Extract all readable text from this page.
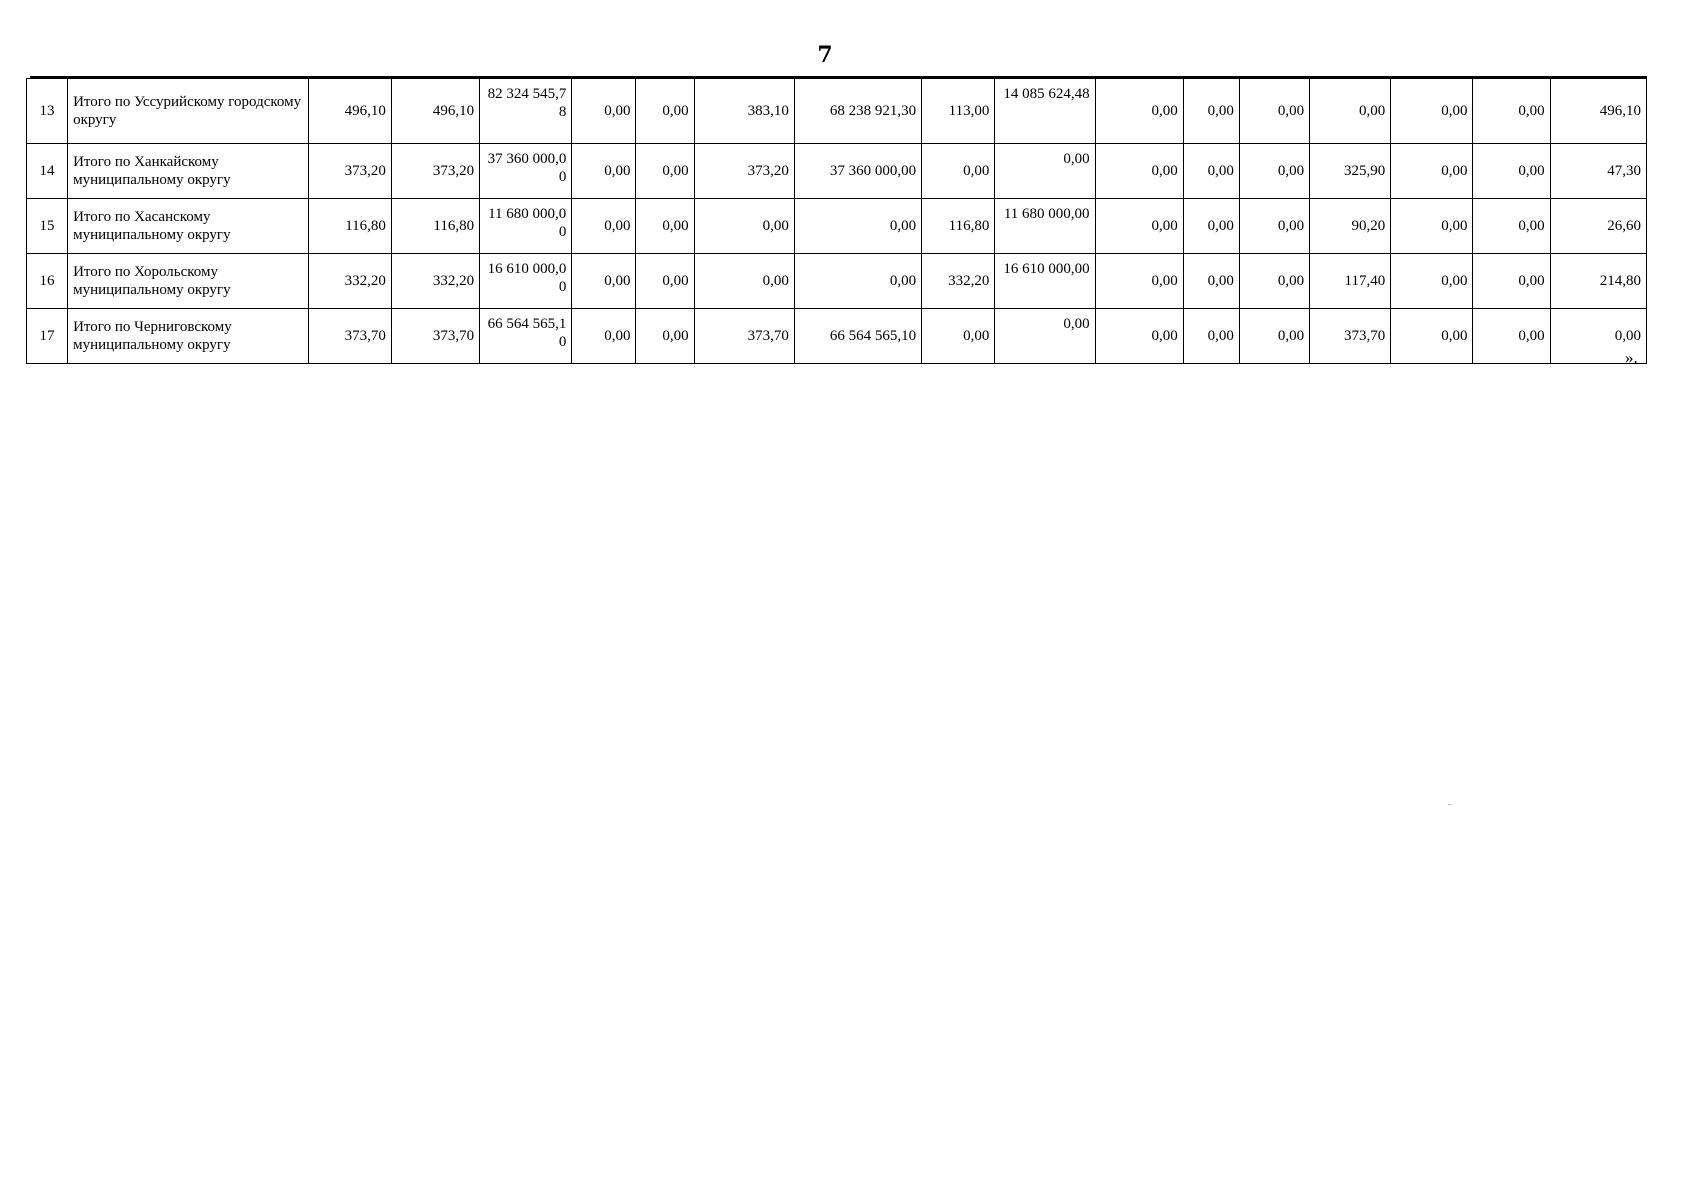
7
13	Итого по Уссурийскому городскому округу	496,10	496,10	82 324 545,78	0,00	0,00	383,10	68 238 921,30	113,00	14 085 624,48	0,00	0,00	0,00	0,00	0,00	0,00	496,10
14	Итого по Ханкайскому муниципальному округу	373,20	373,20	37 360 000,00	0,00	0,00	373,20	37 360 000,00	0,00	0,00	0,00	0,00	0,00	325,90	0,00	0,00	47,30
15	Итого по Хасанскому муниципальному округу	116,80	116,80	11 680 000,00	0,00	0,00	0,00	0,00	116,80	11 680 000,00	0,00	0,00	0,00	90,20	0,00	0,00	26,60
16	Итого по Хорольскому муниципальному округу	332,20	332,20	16 610 000,00	0,00	0,00	0,00	0,00	332,20	16 610 000,00	0,00	0,00	0,00	117,40	0,00	0,00	214,80
17	Итого по Черниговскому муниципальному округу	373,70	373,70	66 564 565,10	0,00	0,00	373,70	66 564 565,10	0,00	0,00	0,00	0,00	0,00	373,70	0,00	0,00	0,00
».
